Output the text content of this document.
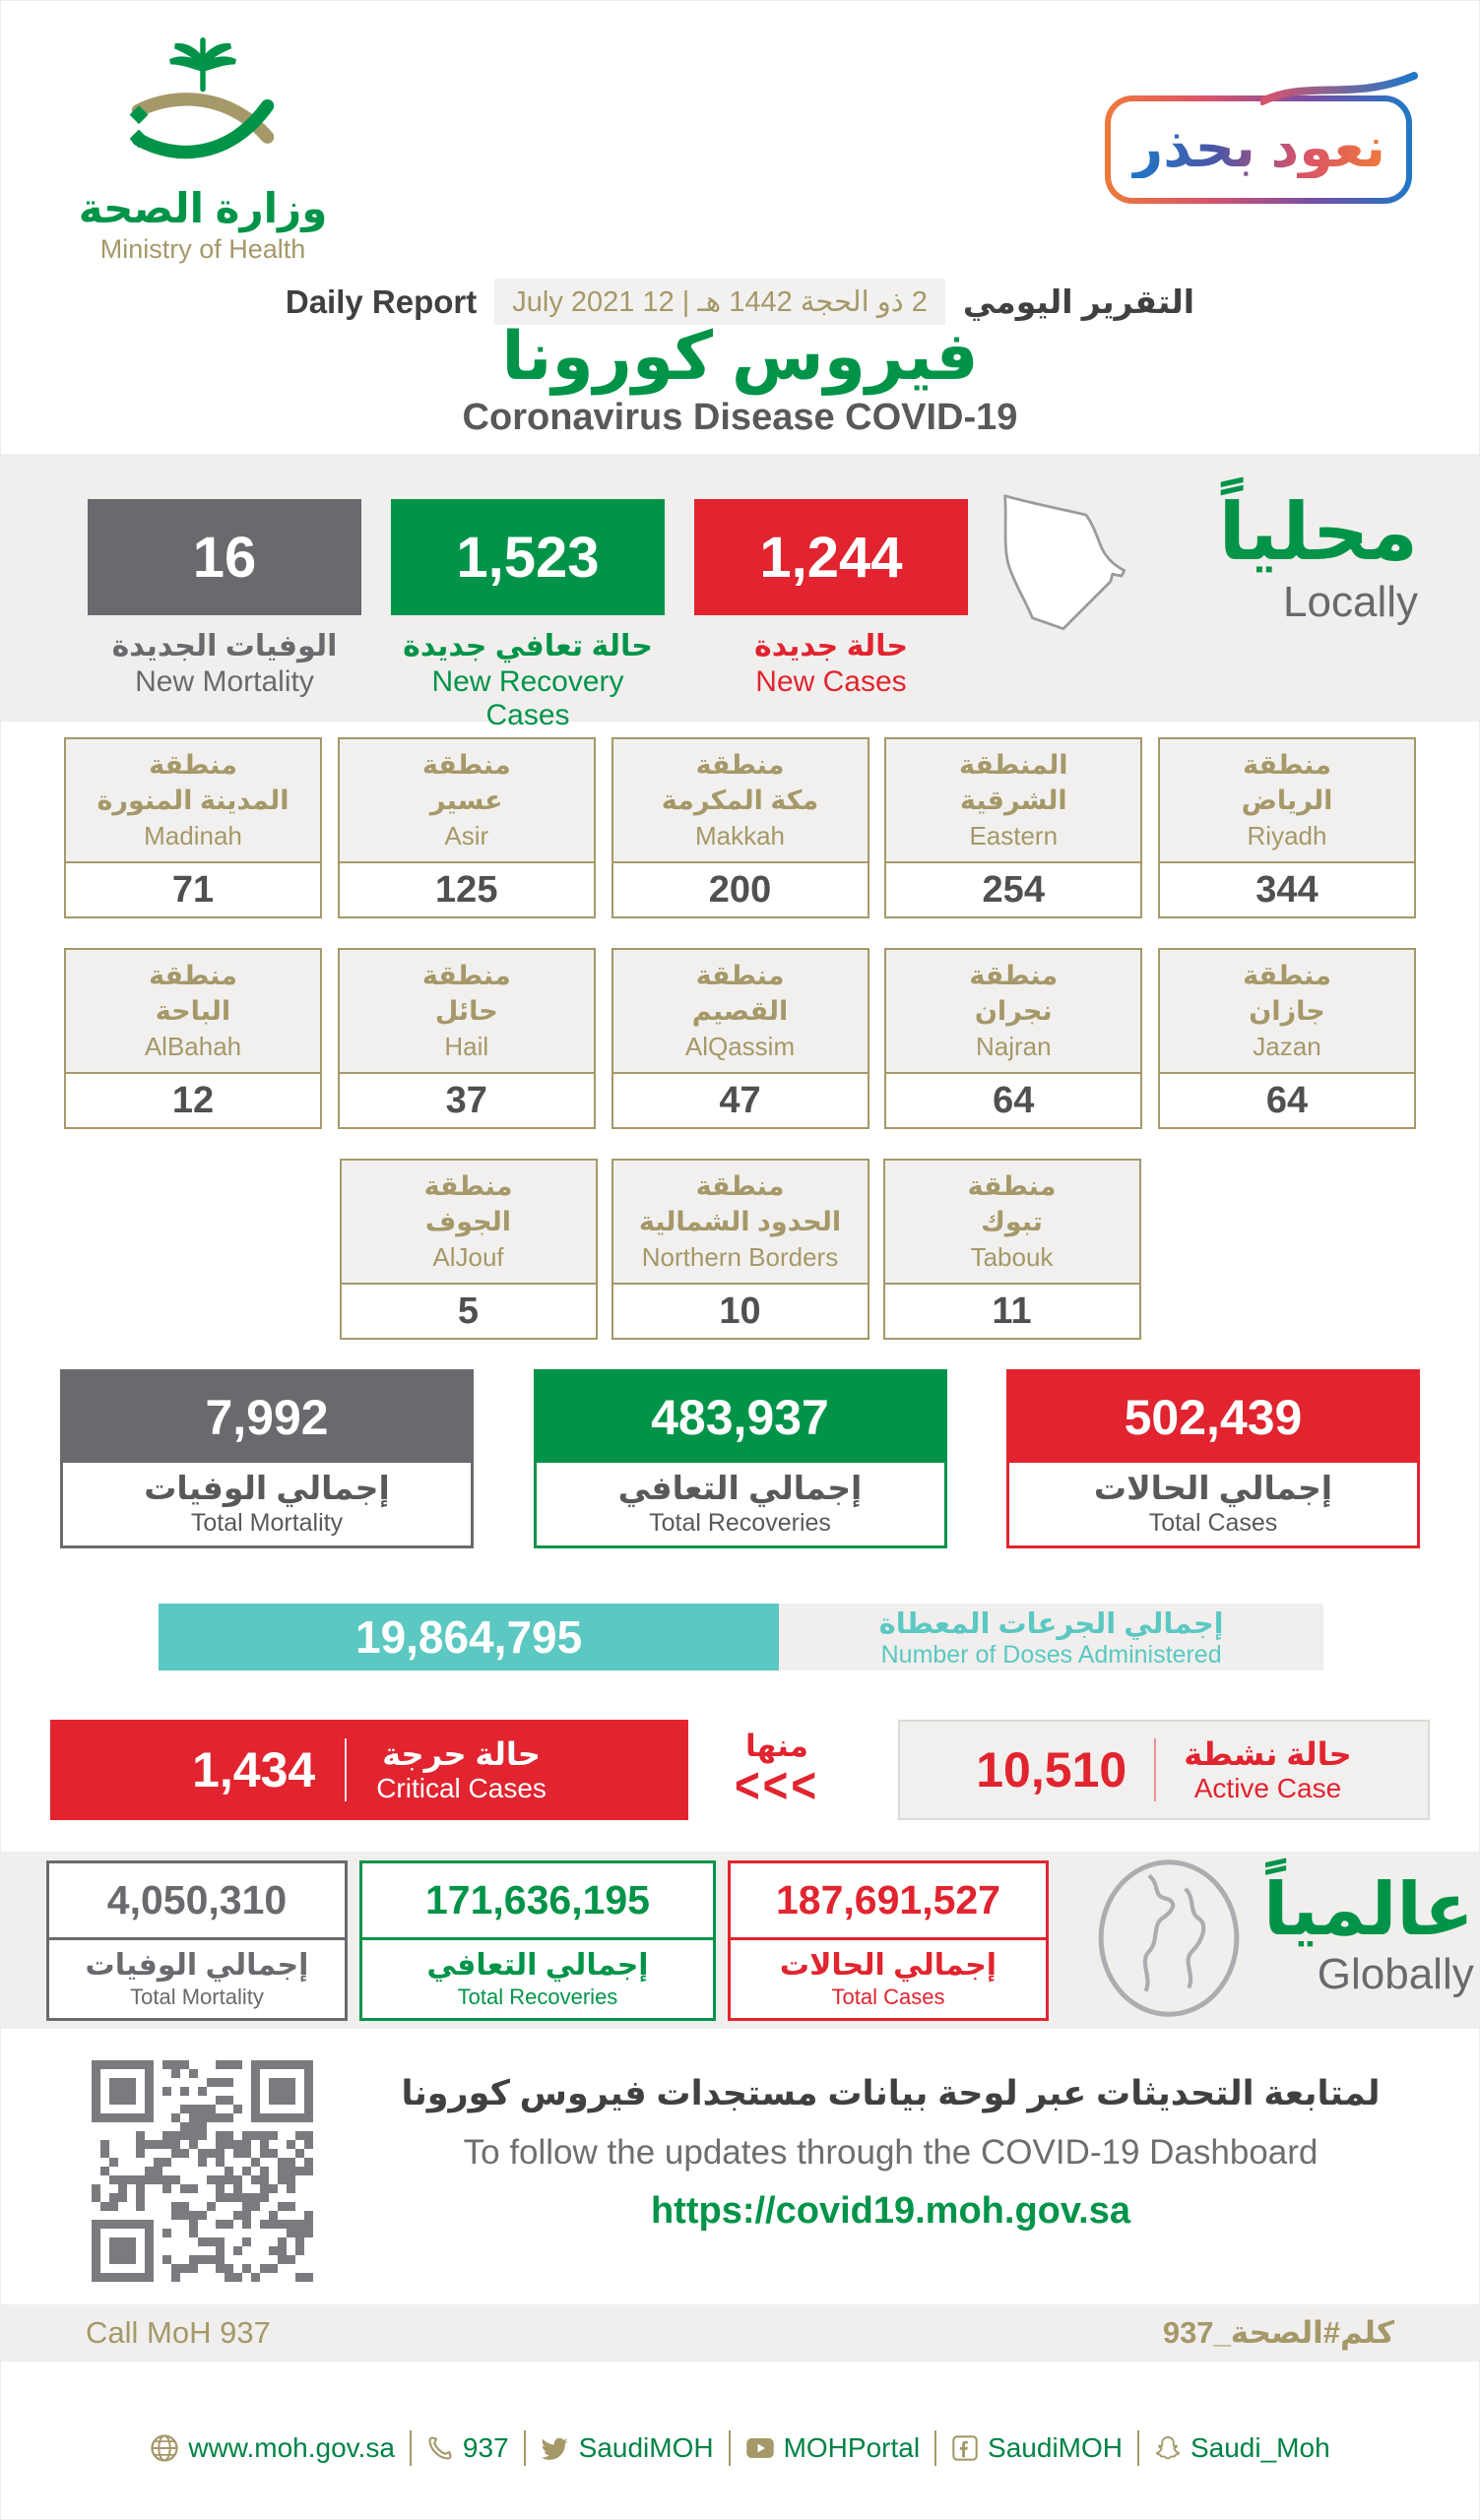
وزارة الصحة
Ministry of Health
نعود بحذر
Daily Report	2 ذو الحجة 1442 هـ | 12 July 2021	التقرير اليومي
فيروس كورونا
Coronavirus Disease COVID-19
16
الوفيات الجديدة
New Mortality
1,523
حالة تعافي جديدة
New Recovery Cases
1,244
حالة جديدة
New Cases
محلياً
Locally
منطقة
المدينة المنورة
Madinah
71
منطقة
عسير
Asir
125
منطقة
مكة المكرمة
Makkah
200
المنطقة
الشرقية
Eastern
254
منطقة
الرياض
Riyadh
344
منطقة
الباحة
AlBahah
12
منطقة
حائل
Hail
37
منطقة
القصيم
AlQassim
47
منطقة
نجران
Najran
64
منطقة
جازان
Jazan
64
منطقة
الجوف
AlJouf
5
منطقة
الحدود الشمالية
Northern Borders
10
منطقة
تبوك
Tabouk
11
7,992
إجمالي الوفيات
Total Mortality
483,937
إجمالي التعافي
Total Recoveries
502,439
إجمالي الحالات
Total Cases
19,864,795	إجمالي الجرعات المعطاة
Number of Doses Administered
1,434 حالة حرجة
Critical Cases
منها
<<<	10,510 حالة نشطة
Active Case
4,050,310
إجمالي الوفيات
Total Mortality
171,636,195
إجمالي التعافي
Total Recoveries
187,691,527
إجمالي الحالات
Total Cases
عالمياً
Globally
لمتابعة التحديثات عبر لوحة بيانات مستجدات فيروس كورونا
To follow the updates through the COVID-19 Dashboard
https://covid19.moh.gov.sa
Call MoH 937	كلم#الصحة_937
www.moh.gov.sa 937	SaudiMOH	MOHPortal SaudiMOH Saudi_Moh
